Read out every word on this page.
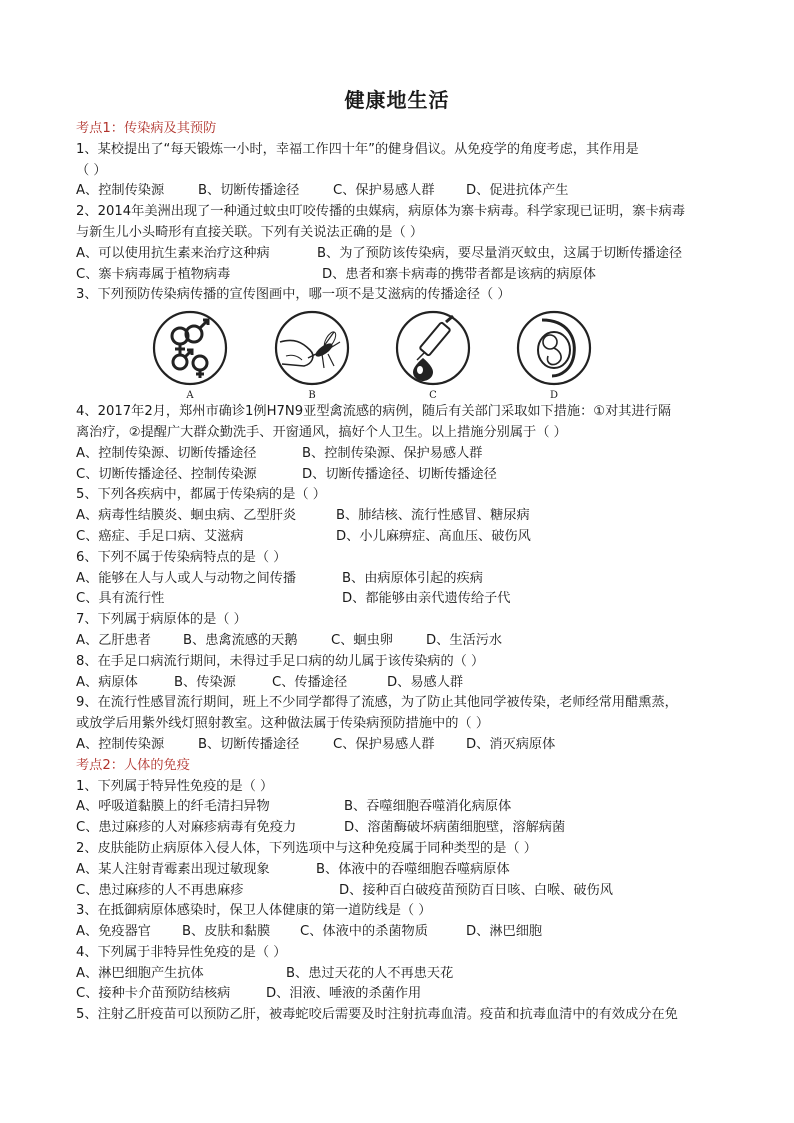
健康地生活
考点1：传染病及其预防
1、某校提出了“每天锻炼一小时，幸福工作四十年”的健身倡议。从免疫学的角度考虑，其作用是
（ ）
A、控制传染源	B、切断传播途径	C、保护易感人群	D、促进抗体产生
2、2014年美洲出现了一种通过蚊虫叮咬传播的虫媒病，病原体为寨卡病毒。科学家现已证明，寨卡病毒
与新生儿小头畸形有直接关联。下列有关说法正确的是（ ）
A、可以使用抗生素来治疗这种病	B、为了预防该传染病，要尽量消灭蚊虫，这属于切断传播途径
C、寨卡病毒属于植物病毒	D、患者和寨卡病毒的携带者都是该病的病原体
3、下列预防传染病传播的宣传图画中，哪一项不是艾滋病的传播途径（ ）
A	B	C	D
4、2017年2月，郑州市确诊1例H7N9亚型禽流感的病例，随后有关部门采取如下措施：①对其进行隔
离治疗，②提醒广大群众勤洗手、开窗通风，搞好个人卫生。以上措施分别属于（ ）
A、控制传染源、切断传播途径	B、控制传染源、保护易感人群
C、切断传播途径、控制传染源	D、切断传播途径、切断传播途径
5、下列各疾病中，都属于传染病的是（ ）
A、病毒性结膜炎、蛔虫病、乙型肝炎	B、肺结核、流行性感冒、糖尿病
C、癌症、手足口病、艾滋病	D、小儿麻痹症、高血压、破伤风
6、下列不属于传染病特点的是（ ）
A、能够在人与人或人与动物之间传播	B、由病原体引起的疾病
C、具有流行性	D、都能够由亲代遗传给子代
7、下列属于病原体的是（ ）
A、乙肝患者	B、患禽流感的天鹅	C、蛔虫卵	D、生活污水
8、在手足口病流行期间，未得过手足口病的幼儿属于该传染病的（ ）
A、病原体	B、传染源	C、传播途径	D、易感人群
9、在流行性感冒流行期间，班上不少同学都得了流感，为了防止其他同学被传染，老师经常用醋熏蒸，
或放学后用紫外线灯照射教室。这种做法属于传染病预防措施中的（ ）
A、控制传染源	B、切断传播途径	C、保护易感人群	D、消灭病原体
考点2：人体的免疫
1、下列属于特异性免疫的是（ ）
A、呼吸道黏膜上的纤毛清扫异物	B、吞噬细胞吞噬消化病原体
C、患过麻疹的人对麻疹病毒有免疫力	D、溶菌酶破坏病菌细胞壁，溶解病菌
2、皮肤能防止病原体入侵人体，下列选项中与这种免疫属于同种类型的是（ ）
A、某人注射青霉素出现过敏现象	B、体液中的吞噬细胞吞噬病原体
C、患过麻疹的人不再患麻疹	D、接种百白破疫苗预防百日咳、白喉、破伤风
3、在抵御病原体感染时，保卫人体健康的第一道防线是（ ）
A、免疫器官	B、皮肤和黏膜	C、体液中的杀菌物质	D、淋巴细胞
4、下列属于非特异性免疫的是（ ）
A、淋巴细胞产生抗体	B、患过天花的人不再患天花
C、接种卡介苗预防结核病	D、泪液、唾液的杀菌作用
5、注射乙肝疫苗可以预防乙肝，被毒蛇咬后需要及时注射抗毒血清。疫苗和抗毒血清中的有效成分在免
